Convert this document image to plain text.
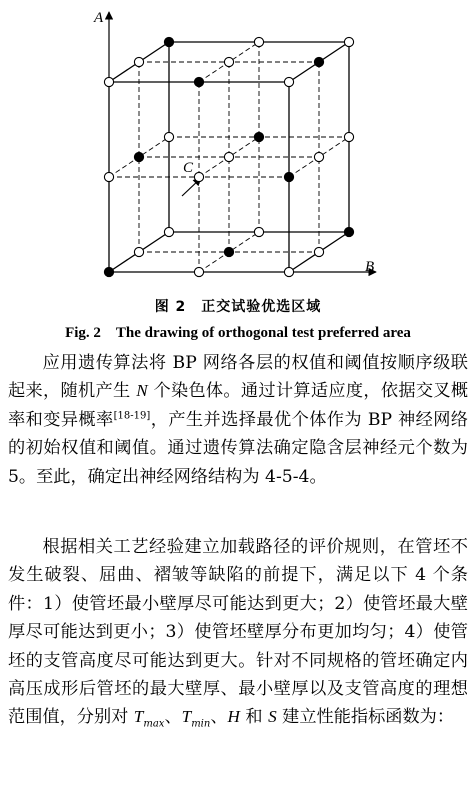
A
B
C
图 2　正交试验优选区域
Fig. 2　The drawing of orthogonal test preferred area

应用遗传算法将 BP 网络各层的权值和阈值按顺序级联起来，随机产生 N 个染色体。通过计算适应度，依据交叉概率和变异概率[18-19]，产生并选择最优个体作为 BP 神经网络的初始权值和阈值。通过遗传算法确定隐含层神经元个数为 5。至此，确定出神经网络结构为 4-5-4。

根据相关工艺经验建立加载路径的评价规则，在管坯不发生破裂、屈曲、褶皱等缺陷的前提下，满足以下 4 个条件：1）使管坯最小壁厚尽可能达到更大；2）使管坯最大壁厚尽可能达到更小；3）使管坯壁厚分布更加均匀；4）使管坯的支管高度尽可能达到更大。针对不同规格的管坯确定内高压成形后管坯的最大壁厚、最小壁厚以及支管高度的理想范围值，分别对 $T_{max}$、$T_{min}$、H 和 S 建立性能指标函数为：
